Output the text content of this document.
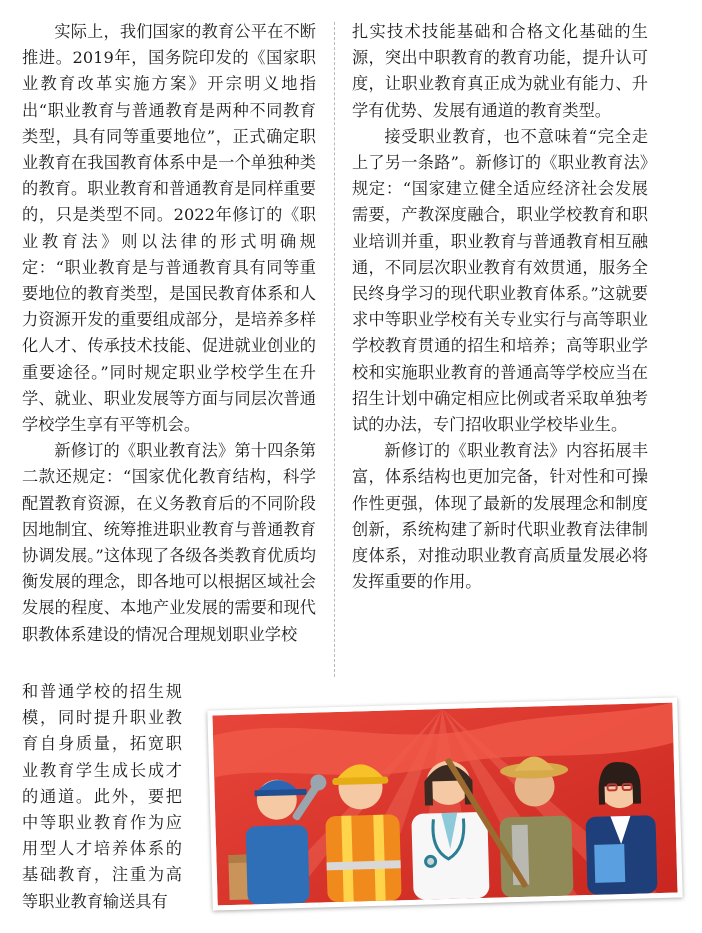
实际上，我们国家的教育公平在不断推进。2019年，国务院印发的《国家职业教育改革实施方案》开宗明义地指出“职业教育与普通教育是两种不同教育类型，具有同等重要地位”，正式确定职业教育在我国教育体系中是一个单独种类的教育。职业教育和普通教育是同样重要的，只是类型不同。2022年修订的《职业教育法》则以法律的形式明确规定：“职业教育是与普通教育具有同等重要地位的教育类型，是国民教育体系和人力资源开发的重要组成部分，是培养多样化人才、传承技术技能、促进就业创业的重要途径。”同时规定职业学校学生在升学、就业、职业发展等方面与同层次普通学校学生享有平等机会。

新修订的《职业教育法》第十四条第二款还规定：“国家优化教育结构，科学配置教育资源，在义务教育后的不同阶段因地制宜、统筹推进职业教育与普通教育协调发展。”这体现了各级各类教育优质均衡发展的理念，即各地可以根据区域社会发展的程度、本地产业发展的需要和现代职教体系建设的情况合理规划职业学校

扎实技术技能基础和合格文化基础的生源，突出中职教育的教育功能，提升认可度，让职业教育真正成为就业有能力、升学有优势、发展有通道的教育类型。

接受职业教育，也不意味着“完全走上了另一条路”。新修订的《职业教育法》规定：“国家建立健全适应经济社会发展需要，产教深度融合，职业学校教育和职业培训并重，职业教育与普通教育相互融通，不同层次职业教育有效贯通，服务全民终身学习的现代职业教育体系。”这就要求中等职业学校有关专业实行与高等职业学校教育贯通的招生和培养；高等职业学校和实施职业教育的普通高等学校应当在招生计划中确定相应比例或者采取单独考试的办法，专门招收职业学校毕业生。

新修订的《职业教育法》内容拓展丰富，体系结构也更加完备，针对性和可操作性更强，体现了最新的发展理念和制度创新，系统构建了新时代职业教育法律制度体系，对推动职业教育高质量发展必将发挥重要的作用。

和普通学校的招生规模，同时提升职业教育自身质量，拓宽职业教育学生成长成才的通道。此外，要把中等职业教育作为应用型人才培养体系的基础教育，注重为高等职业教育输送具有
